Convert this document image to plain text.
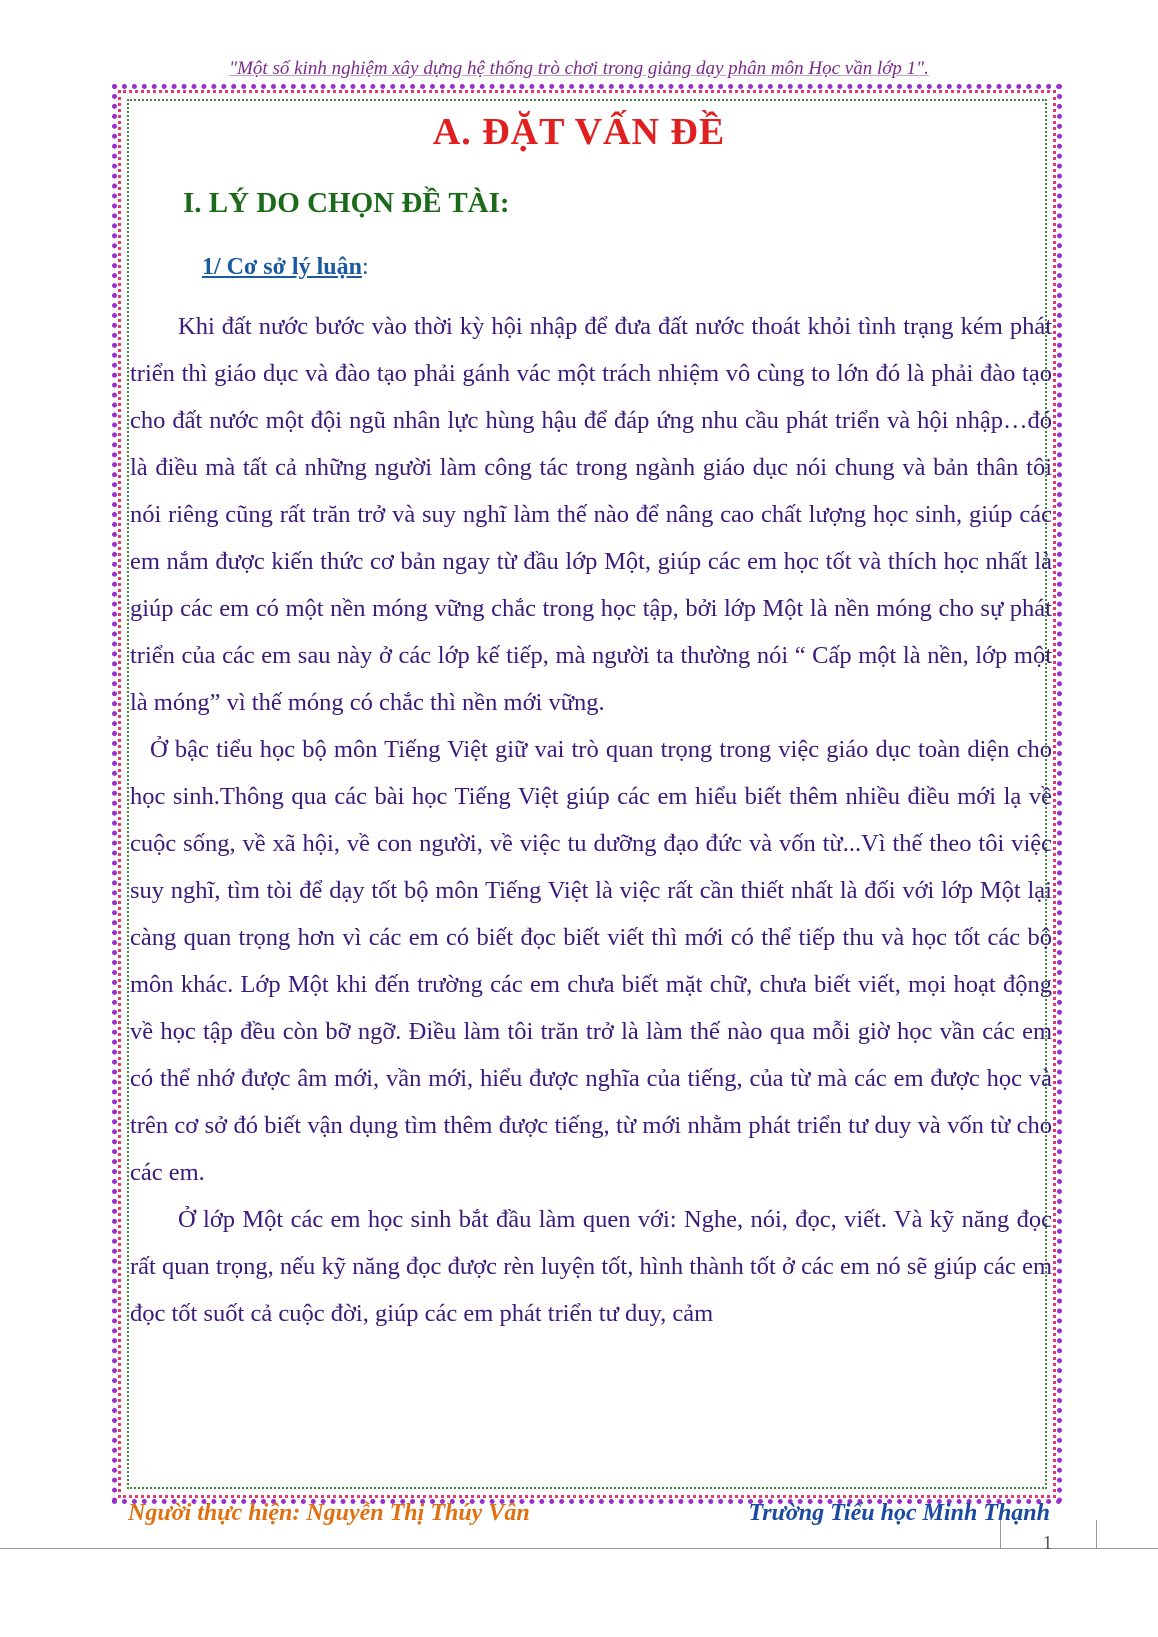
"Một số kinh nghiệm xây dựng hệ thống trò chơi trong giảng dạy phân môn Học vần lớp 1".
A. ĐẶT VẤN ĐỀ
I. LÝ DO CHỌN ĐỀ TÀI:
1/ Cơ sở lý luận:

Khi đất nước bước vào thời kỳ hội nhập để đưa đất nước thoát khỏi tình trạng kém phát triển thì giáo dục và đào tạo phải gánh vác một trách nhiệm vô cùng to lớn đó là phải đào tạo cho đất nước một đội ngũ nhân lực hùng hậu để đáp ứng nhu cầu phát triển và hội nhập…đó là điều mà tất cả những người làm công tác trong ngành giáo dục nói chung và bản thân tôi nói riêng cũng rất trăn trở và suy nghĩ làm thế nào để nâng cao chất lượng học sinh, giúp các em nắm được kiến thức cơ bản ngay từ đầu lớp Một, giúp các em học tốt và thích học nhất là giúp các em có một nền móng vững chắc trong học tập, bởi lớp Một là nền móng cho sự phát triển của các em sau này ở các lớp kế tiếp, mà người ta thường nói “ Cấp một là nền, lớp một là móng” vì thế móng có chắc thì nền mới vững.

Ở bậc tiểu học bộ môn Tiếng Việt giữ vai trò quan trọng trong việc giáo dục toàn diện cho học sinh.Thông qua các bài học Tiếng Việt giúp các em hiểu biết thêm nhiều điều mới lạ về cuộc sống, về xã hội, về con người, về việc tu dưỡng đạo đức và vốn từ...Vì thế theo tôi việc suy nghĩ, tìm tòi để dạy tốt bộ môn Tiếng Việt là việc rất cần thiết nhất là đối với lớp Một lại càng quan trọng hơn vì các em có biết đọc biết viết thì mới có thể tiếp thu và học tốt các bộ môn khác. Lớp Một khi đến trường các em chưa biết mặt chữ, chưa biết viết, mọi hoạt động về học tập đều còn bỡ ngỡ. Điều làm tôi trăn trở là làm thế nào qua mỗi giờ học vần các em có thể nhớ được âm mới, vần mới, hiểu được nghĩa của tiếng, của từ mà các em được học và trên cơ sở đó biết vận dụng tìm thêm được tiếng, từ mới nhằm phát triển tư duy và vốn từ cho các em.

Ở lớp Một các em học sinh bắt đầu làm quen với: Nghe, nói, đọc, viết. Và kỹ năng đọc rất quan trọng, nếu kỹ năng đọc được rèn luyện tốt, hình thành tốt ở các em nó sẽ giúp các em đọc tốt suốt cả cuộc đời, giúp các em phát triển tư duy, cảm

Người thực hiện: Nguyễn Thị Thúy Vân	Trường Tiểu học Minh Thạnh
1
